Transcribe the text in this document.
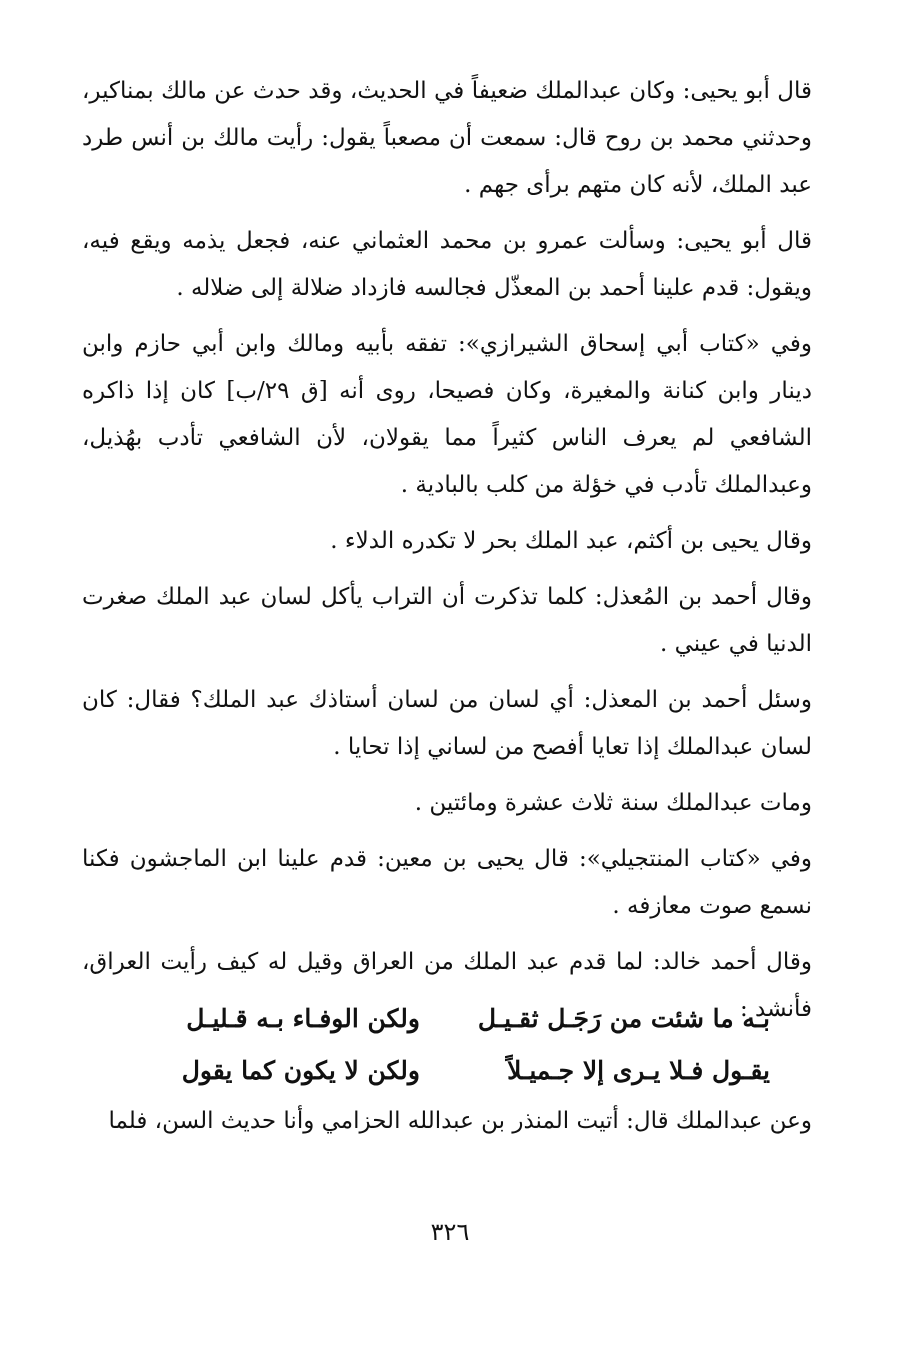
قال أبو يحيى: وكان عبدالملك ضعيفاً في الحديث، وقد حدث عن مالك بمناكير، وحدثني محمد بن روح قال: سمعت أن مصعباً يقول: رأيت مالك بن أنس طرد عبد الملك، لأنه كان متهم برأى جهم .

قال أبو يحيى: وسألت عمرو بن محمد العثماني عنه، فجعل يذمه ويقع فيه، ويقول: قدم علينا أحمد بن المعذّل فجالسه فازداد ضلالة إلى ضلاله .

وفي «كتاب أبي إسحاق الشيرازي»: تفقه بأبيه ومالك وابن أبي حازم وابن دينار وابن كنانة والمغيرة، وكان فصيحا، روى أنه [ق ٢٩/ب] كان إذا ذاكره الشافعي لم يعرف الناس كثيراً مما يقولان، لأن الشافعي تأدب بهُذيل، وعبدالملك تأدب في خؤلة من كلب بالبادية .

وقال يحيى بن أكثم، عبد الملك بحر لا تكدره الدلاء .

وقال أحمد بن المُعذل: كلما تذكرت أن التراب يأكل لسان عبد الملك صغرت الدنيا في عيني .

وسئل أحمد بن المعذل: أي لسان من لسان أستاذك عبد الملك؟ فقال: كان لسان عبدالملك إذا تعايا أفصح من لساني إذا تحايا .

ومات عبدالملك سنة ثلاث عشرة ومائتين .

وفي «كتاب المنتجيلي»: قال يحيى بن معين: قدم علينا ابن الماجشون فكنا نسمع صوت معازفه .

وقال أحمد خالد: لما قدم عبد الملك من العراق وقيل له كيف رأيت العراق، فأنشد :

بـه ما شئت من رَجَـل ثقـيـل
ولكن الوفـاء بـه قـليـل
يقـول فـلا يـرى إلا جـميـلاً
ولكن لا يكون كما يقول
وعن عبدالملك قال: أتيت المنذر بن عبدالله الحزامي وأنا حديث السن، فلما
٣٢٦
